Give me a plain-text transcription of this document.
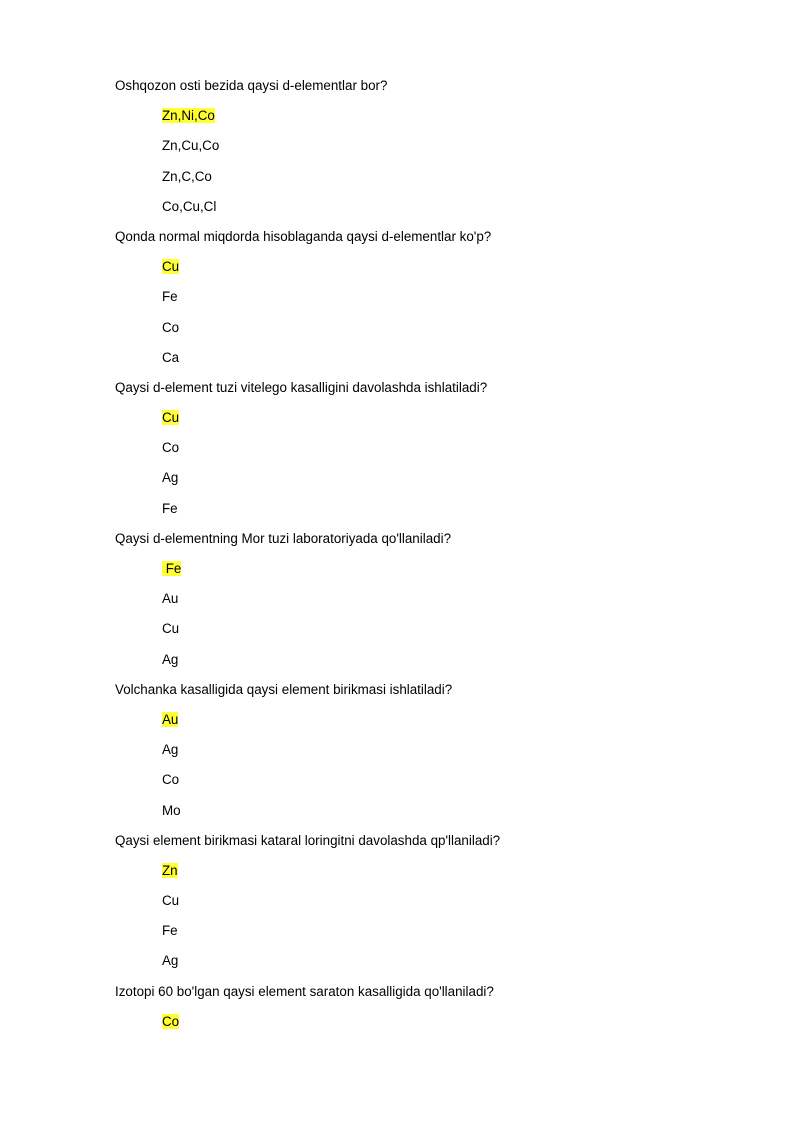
Oshqozon osti bezida qaysi d-elementlar bor?
Zn,Ni,Co
Zn,Cu,Co
Zn,C,Co
Co,Cu,Cl
Qonda normal miqdorda hisoblaganda qaysi d-elementlar ko'p?
Cu
Fe
Co
Ca
Qaysi d-element tuzi vitelego kasalligini davolashda ishlatiladi?
Cu
Co
Ag
Fe
Qaysi d-elementning Mor tuzi laboratoriyada qo'llaniladi?
Fe
Au
Cu
Ag
Volchanka kasalligida qaysi element birikmasi ishlatiladi?
Au
Ag
Co
Mo
Qaysi element birikmasi kataral loringitni davolashda qp'llaniladi?
Zn
Cu
Fe
Ag
Izotopi 60 bo'lgan qaysi element saraton kasalligida qo'llaniladi?
Co
